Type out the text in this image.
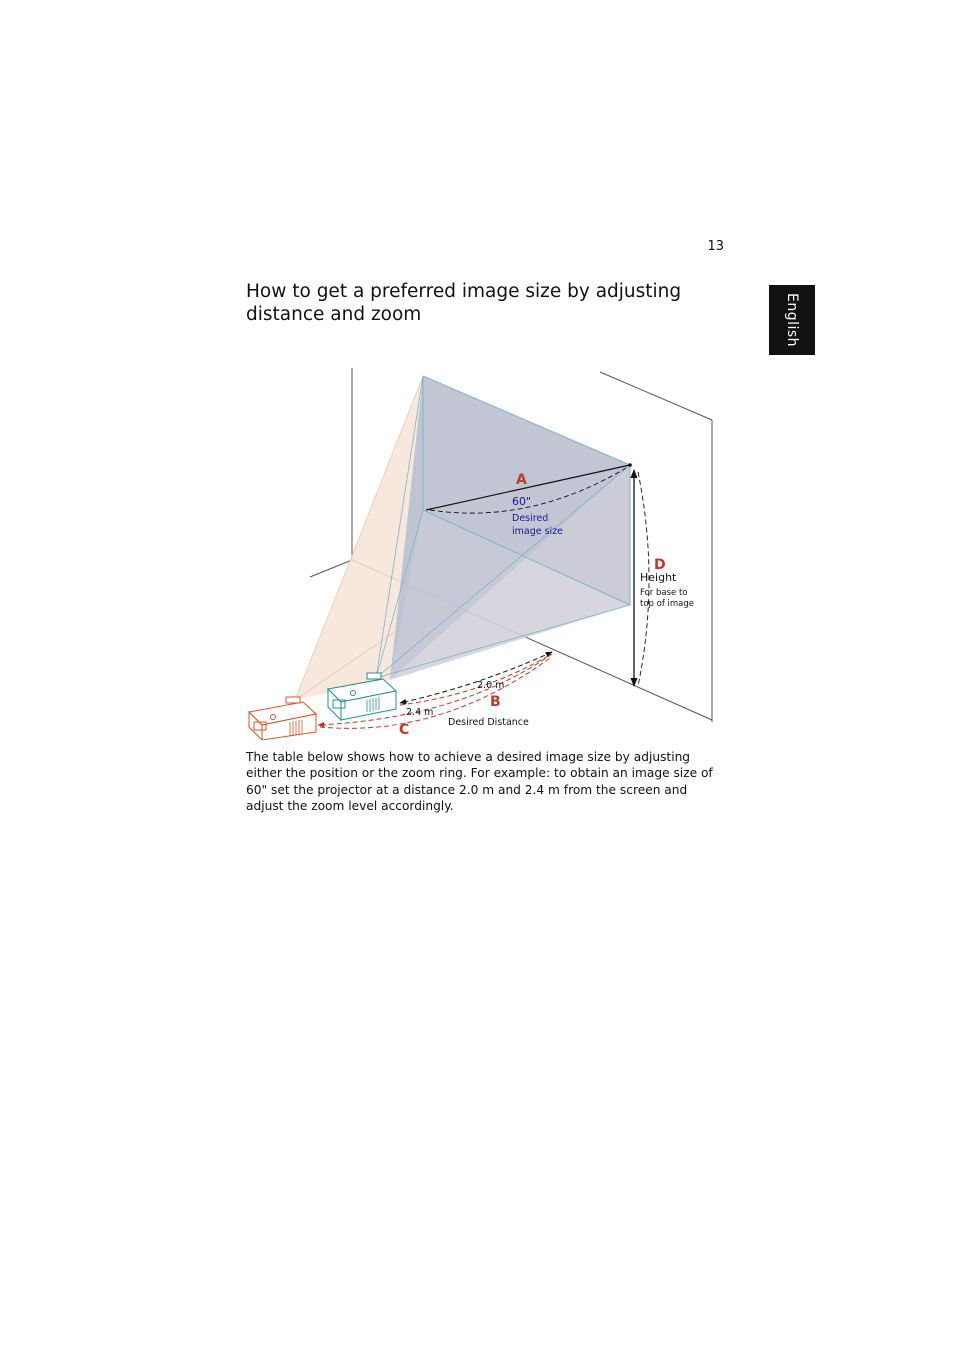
13
English
How to get a preferred image size by adjusting distance and zoom
A
60"
Desired
image size
D
Height
For base to
top of image
2.0 m
2.4 m
B
C	Desired Distance

The table below shows how to achieve a desired image size by adjusting either the position or the zoom ring. For example: to obtain an image size of 60" set the projector at a distance 2.0 m and 2.4 m from the screen and adjust the zoom level accordingly.
